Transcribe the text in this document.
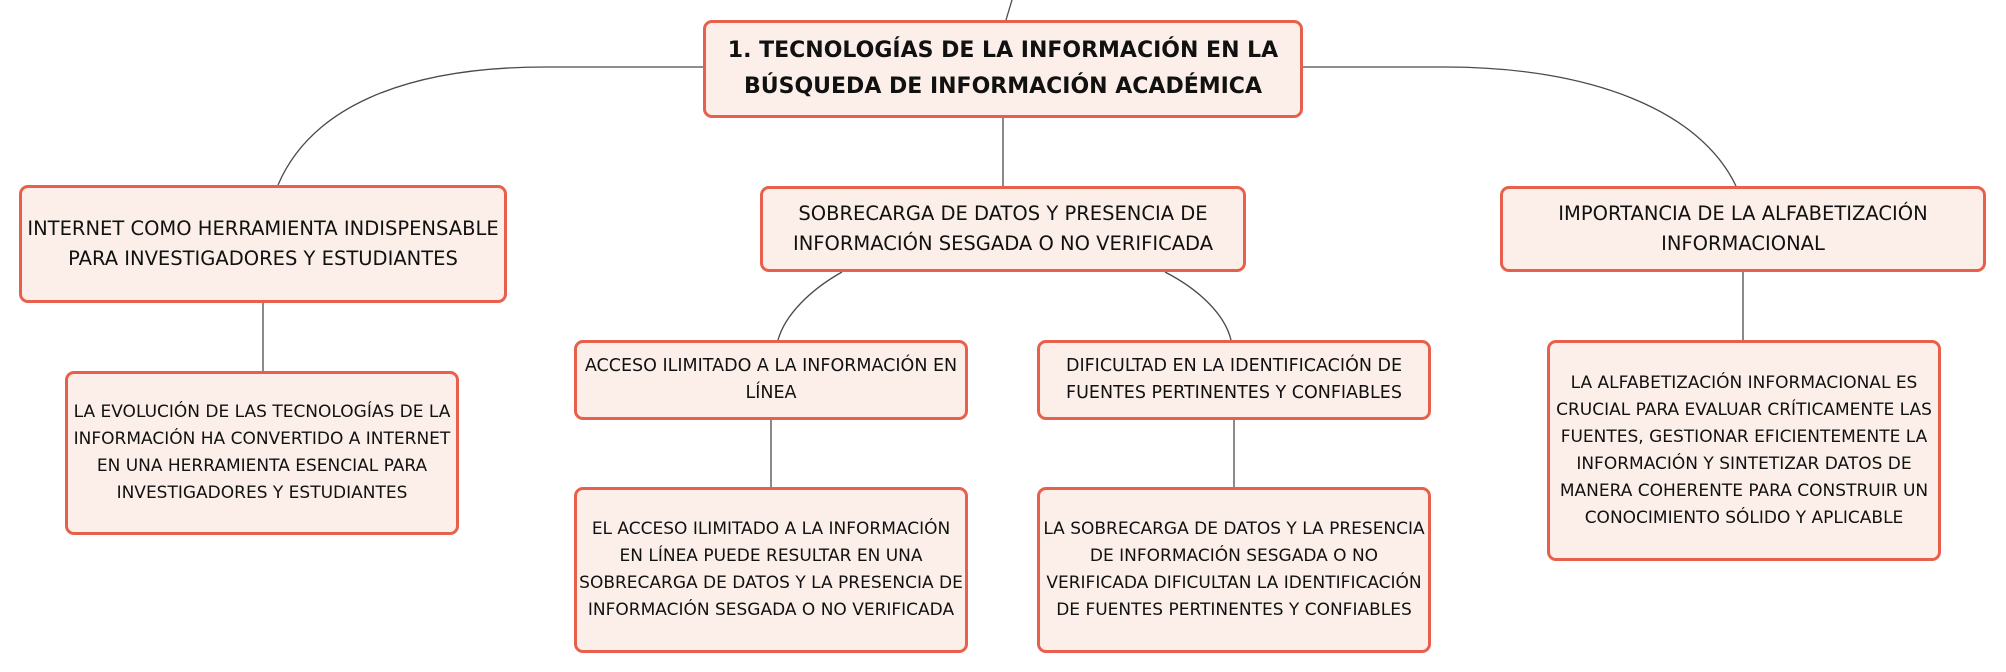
1. TECNOLOGÍAS DE LA INFORMACIÓN EN LA
BÚSQUEDA DE INFORMACIÓN ACADÉMICA
INTERNET COMO HERRAMIENTA INDISPENSABLE
PARA INVESTIGADORES Y ESTUDIANTES
SOBRECARGA DE DATOS Y PRESENCIA DE
INFORMACIÓN SESGADA O NO VERIFICADA
IMPORTANCIA DE LA ALFABETIZACIÓN
INFORMACIONAL
LA EVOLUCIÓN DE LAS TECNOLOGÍAS DE LA
INFORMACIÓN HA CONVERTIDO A INTERNET
EN UNA HERRAMIENTA ESENCIAL PARA
INVESTIGADORES Y ESTUDIANTES
ACCESO ILIMITADO A LA INFORMACIÓN EN
LÍNEA
DIFICULTAD EN LA IDENTIFICACIÓN DE
FUENTES PERTINENTES Y CONFIABLES
EL ACCESO ILIMITADO A LA INFORMACIÓN
EN LÍNEA PUEDE RESULTAR EN UNA
SOBRECARGA DE DATOS Y LA PRESENCIA DE
INFORMACIÓN SESGADA O NO VERIFICADA
LA SOBRECARGA DE DATOS Y LA PRESENCIA
DE INFORMACIÓN SESGADA O NO
VERIFICADA DIFICULTAN LA IDENTIFICACIÓN
DE FUENTES PERTINENTES Y CONFIABLES
LA ALFABETIZACIÓN INFORMACIONAL ES
CRUCIAL PARA EVALUAR CRÍTICAMENTE LAS
FUENTES, GESTIONAR EFICIENTEMENTE LA
INFORMACIÓN Y SINTETIZAR DATOS DE
MANERA COHERENTE PARA CONSTRUIR UN
CONOCIMIENTO SÓLIDO Y APLICABLE
